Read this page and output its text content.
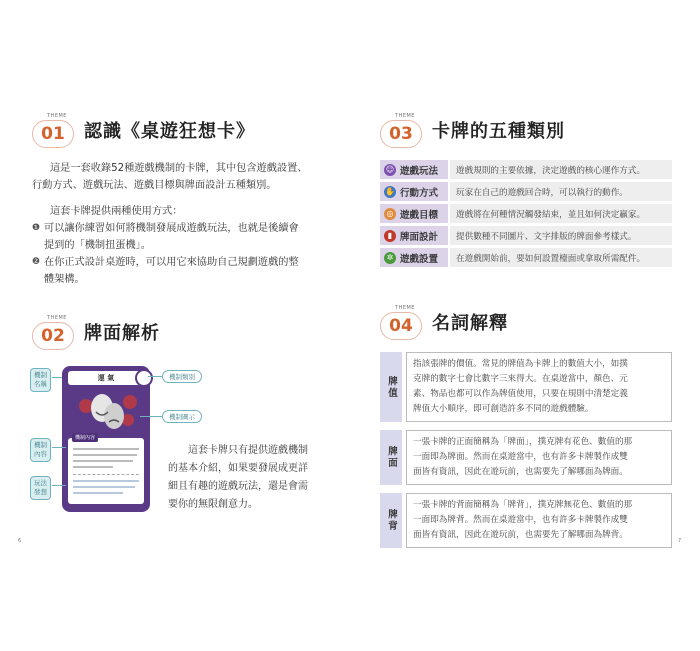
THEME
01	認識《桌遊狂想卡》
這是一套收錄52種遊戲機制的卡牌，其中包含遊戲設置、
行動方式、遊戲玩法、遊戲目標與牌面設計五種類別。
這套卡牌提供兩種使用方式：
❶ 可以讓你練習如何將機制發展成遊戲玩法，也就是後續會
提到的「機制扭蛋機」。
❷ 在你正式設計桌遊時，可以用它來協助自己規劃遊戲的整
體架構。
THEME
02	牌面解析
運 氣
機制內容
機制
名稱
機制
內容
玩法
發想
機制類別
機制圖示
這套卡牌只有提供遊戲機制
的基本介紹，如果要發展成更詳
細且有趣的遊戲玩法，還是會需
要你的無限創意力。
6
THEME
03	卡牌的五種類別
☺ 遊戲玩法	遊戲規則的主要依據，決定遊戲的核心運作方式。
✋ 行動方式	玩家在自己的遊戲回合時，可以執行的動作。
◎ 遊戲目標	遊戲將在何種情況觸發結束，並且如何決定贏家。
▮ 牌面設計	提供數種不同圖片、文字排版的牌面參考樣式。
✲ 遊戲設置	在遊戲開始前，要如何設置檯面或拿取所需配件。
THEME
04	名詞解釋
牌值
指該張牌的價值。常見的牌值為卡牌上的數值大小，如撲
克牌的數字七會比數字三來得大。在桌遊當中，顏色、元
素、物品也都可以作為牌值使用，只要在規則中清楚定義
牌值大小順序，即可創造許多不同的遊戲體驗。
牌面
一張卡牌的正面簡稱為「牌面」，撲克牌有花色、數值的那
一面即為牌面。然而在桌遊當中，也有許多卡牌製作成雙
面皆有資訊，因此在遊玩前，也需要先了解哪面為牌面。
牌背
一張卡牌的背面簡稱為「牌背」，撲克牌無花色、數值的那
一面即為牌背。然而在桌遊當中，也有許多卡牌製作成雙
面皆有資訊，因此在遊玩前，也需要先了解哪面為牌背。
7
